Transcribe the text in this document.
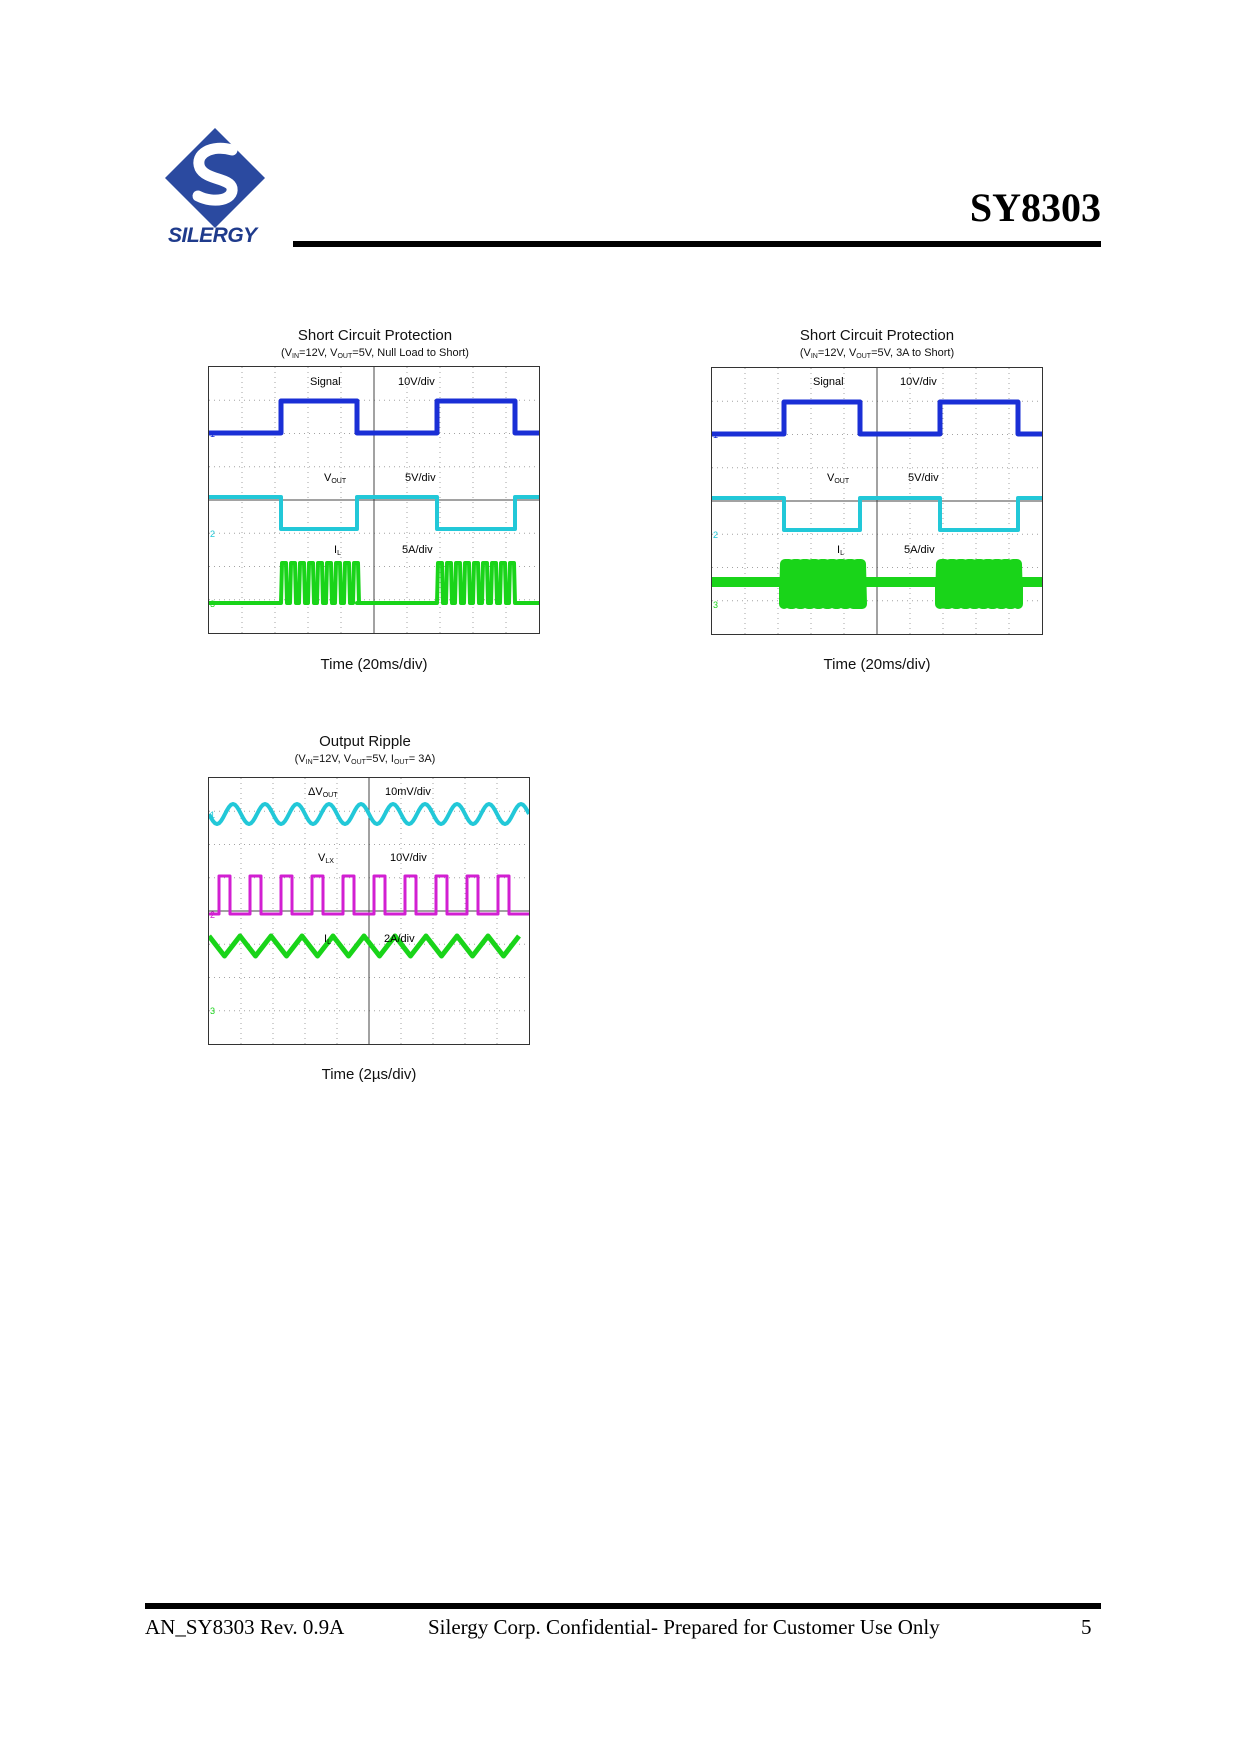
SILERGY
SY8303
Short Circuit Protection
($V_{IN}=12V$, $V_{OUT}=5V$, Null Load to Short)
1
2
3
Signal	10V/div
$V_{OUT}$	5V/div
$I_L$	5A/div
Time (20ms/div)
Short Circuit Protection
($V_{IN}=12V$, $V_{OUT}=5V$, 3A to Short)
1
2
3
Signal	10V/div
$V_{OUT}$	5V/div
$I_L$	5A/div
Time (20ms/div)
Output Ripple
($V_{IN}=12V$, $V_{OUT}=5V$, $I_{OUT}= 3A$)
1
2
3
$\Delta V_{OUT}$	10mV/div
$V_{LX}$	10V/div
$I_L$	2A/div
Time (2µs/div)
AN_SY8303 Rev. 0.9A	Silergy Corp. Confidential- Prepared for Customer Use Only	5
